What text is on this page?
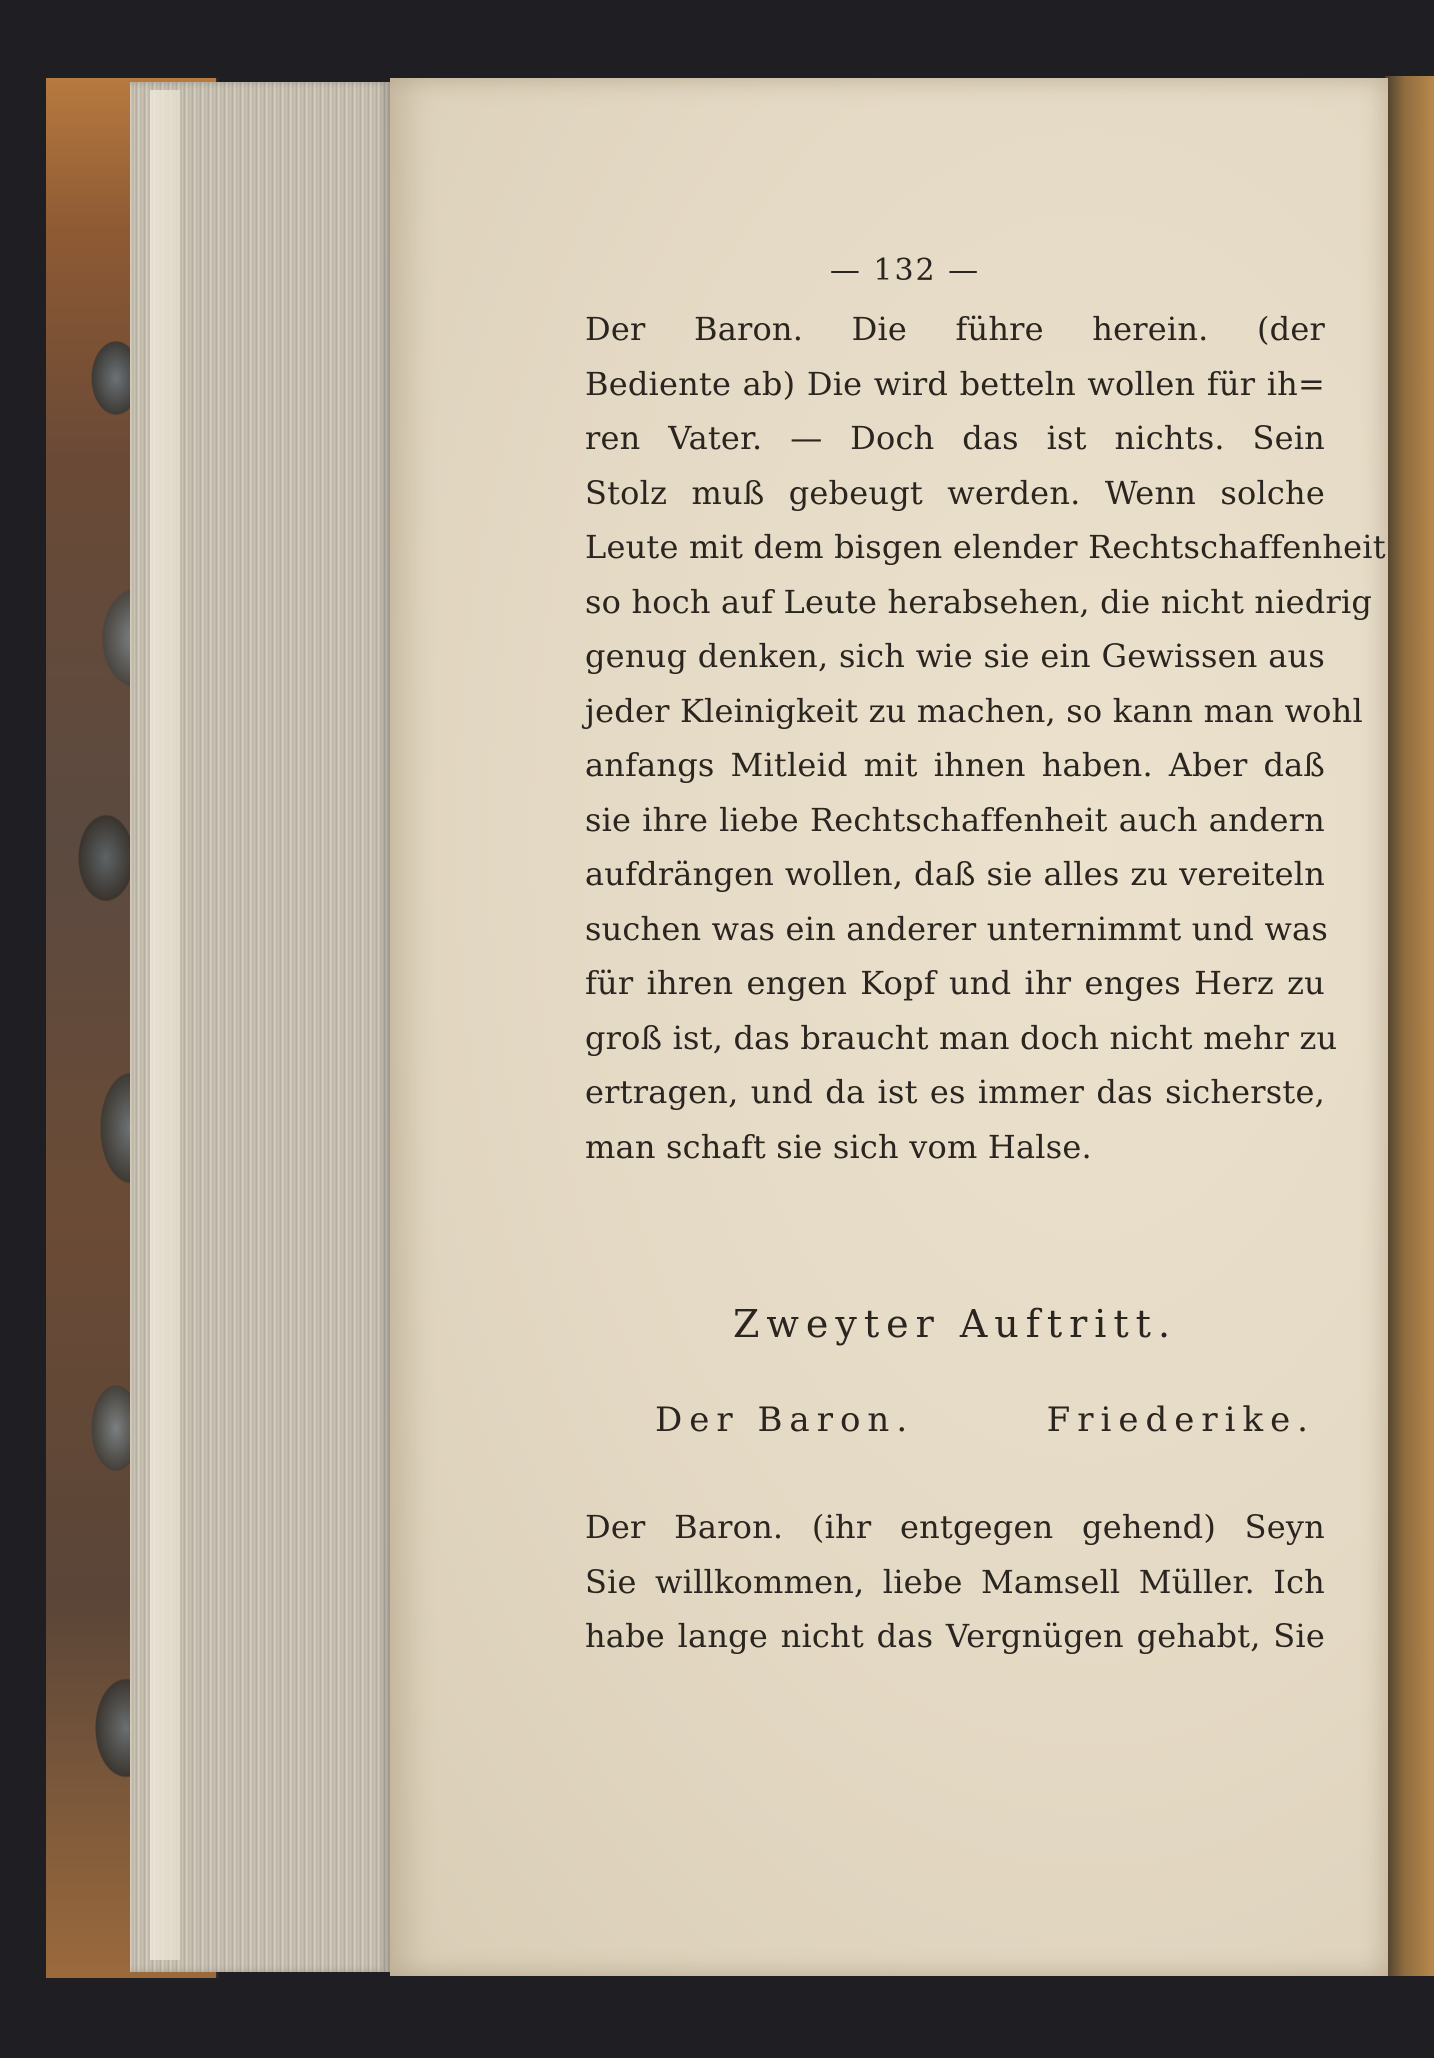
— 132 —
Der Baron. Die führe herein. (der
Bediente ab) Die wird betteln wollen für ih=
ren Vater. — Doch das ist nichts. Sein
Stolz muß gebeugt werden. Wenn solche
Leute mit dem bisgen elender Rechtschaffenheit
so hoch auf Leute herabsehen, die nicht niedrig
genug denken, sich wie sie ein Gewissen aus
jeder Kleinigkeit zu machen, so kann man wohl
anfangs Mitleid mit ihnen haben. Aber daß
sie ihre liebe Rechtschaffenheit auch andern
aufdrängen wollen, daß sie alles zu vereiteln
suchen was ein anderer unternimmt und was
für ihren engen Kopf und ihr enges Herz zu
groß ist, das braucht man doch nicht mehr zu
ertragen, und da ist es immer das sicherste,
man schaft sie sich vom Halse.
Zweyter Auftritt.
Der Baron.	Friederike.
Der Baron. (ihr entgegen gehend) Seyn
Sie willkommen, liebe Mamsell Müller. Ich
habe lange nicht das Vergnügen gehabt, Sie
